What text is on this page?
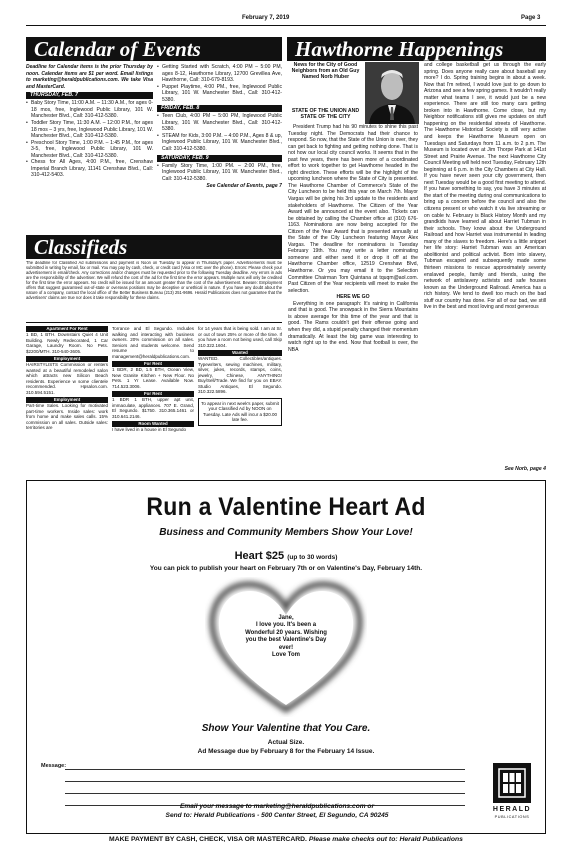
February 7, 2019	Page 3
Calendar of Events
Deadline for Calendar items is the prior Thursday by noon. Calendar items are $1 per word. Email listings to marketing@heraldpublications.com. We take Visa and MasterCard.
THURSDAY, FEB. 7
• Baby Story Time, 11:00 A.M. – 11:30 A.M., for ages 0-18 mos, free, Inglewood Public Library, 101 W. Manchester Blvd., Call: 310-412-5380.
• Toddler Story Time, 11:30 A.M. – 12:00 P.M., for ages 18 mos – 3 yrs, free, Inglewood Public Library, 101 W. Manchester Blvd., Call: 310-412-5380.
• Preschool Story Time, 1:00 P.M. – 1:45 P.M., for ages 3-5, free, Inglewood Public Library, 101 W. Manchester Blvd., Call: 310-412-5380.
• Chess for All Ages, 4:00 P.M., free, Crenshaw Imperial Branch Library, 11141 Crenshaw Blvd., Call: 310-412-5403.
• Getting Started with Scratch, 4:00 PM – 5:00 PM, ages 8-12, Hawthorne Library, 12700 Grevillea Ave, Hawthorne, Call: 310-679-8193.
• Puppet Playtime, 4:00 PM., free, Inglewood Public Library, 101 W. Manchester Blvd., Call: 310-412-5380.
FRIDAY, FEB. 8
• Teen Club, 4:00 PM – 5:00 PM, Inglewood Public Library, 101 W. Manchester Blvd., Call: 310-412-5380.
• STEAM for Kids, 3:00 P.M. – 4:00 P.M., Ages 8 & up, Inglewood Public Library, 101 W. Manchester Blvd., Call: 310-412-5380.
SATURDAY, FEB. 9
• Family Story Time, 1:00 PM. – 2:00 PM., free, Inglewood Public Library, 101 W. Manchester Blvd., Call: 310-412-5380.
See Calendar of Events, page 7
Classifieds
The deadline for Classified Ad submissions and payment is Noon on Tuesday to appear in Thursday's paper. Advertisements must be submitted in writing by email, fax or mail. You may pay by cash, check, or credit card (Visa or MC over the phone). Errors: Please check your advertisement in email/check. Any corrections and/or changes must be requested prior to the following Tuesday deadline. Any errors in ads are the responsibility of the advertiser. We will refund the cost of the ad for the first time the error appears. Multiple runs will only be credited for the first time the error appears. No credit will be issued for an amount greater than the cost of the advertisement. Beware: Employment offers that suggest guaranteed out-of-state or overseas positions may be deceptive or unethical in nature. If you have any doubt about the nature of a company, contact the local office of the Better Business Bureau (213) 251-9696. Herald Publications does not guarantee that the advertisers' claims are true nor does it take responsibility for these claims.
Apartment For Rent
1 BD, 1 BTH. Downstairs Quiet 4 Unit Building. Newly Redecorated, 1 Car Garage, Laundry Room. No Pets. $2200/MTH. 310-540-3605.
Employment
HAIRSTYLISTS Commission or renters wanted at a beautiful remodeled salon which attracts new Silicon Beach residents. Experience w some clientele recommended. Hpsalon.com. 310.594.5151.
Employment
Part-time Sales. Looking for motivated part-time workers. Inside sales: work from home and make sales calls. 15% commission on all sales. Outside sales: territories are
Torrance and El Segundo. Includes walking and interacting with business owners. 20% commission on all sales. Seniors and students welcome. Send resume to management@heraldpublications.com.
For Rent
1 BDR, 2 BD, 1.5 BTH, Ocean View, New Granite Kitchen + New Floor. No Pets. 1 Yr Lease. Available Now. 714.523.3006.
For Rent
1 BDR 1 BTH, upper apt unit, immaculate, appliances. 707 E. Grand, El Segundo. $1750. 310.365.1461 or 310.641.2146.
Room Wanted
I have lived in a house in El Segundo
for 14 years that is being sold. I am at Sr. or out of town 25% or more of the time. If you have a room not being used, call Skip 310.322.1604.
Wanted
WANTED. Collectibles/antiques. Typewriters, sewing machines, military, silver, jukes, records, stamps, coins, jewelry, Chinese, ANYTHING! Buy/Sell/Trade. We find for you on EBAY. Studio Antiques, El Segundo. 310.322.5896.
To appear in next week's paper, submit your Classified Ad by NOON on Tuesday. Late Ads will incur a $20.00 late fee.
Hawthorne Happenings
News for the City of Good Neighbors from an Old Guy Named Norb Huber
STATE OF THE UNION AND STATE OF THE CITY
President Trump had his 90 minutes to shine this past Tuesday night. The Democrats had their chance to respond. So now, that the State of the Union is over, they can get back to fighting and getting nothing done. That is not how our local city council works. It seems that in the past few years, there has been more of a coordinated effort to work together to get Hawthorne headed in the right direction. These efforts will be the highlight of the upcoming luncheon where the State of City is presented. The Hawthorne Chamber of Commerce's State of the City Luncheon to be held this year on March 7th. Mayor Vargas will be giving his 3rd update to the residents and stakeholders of Hawthorne. The Citizen of the Year Award will be announced at the event also. Tickets can be obtained by calling the Chamber office at (310) 676-1163. Nominations are now being accepted for the Citizen of the Year Award that is presented annually at the State of the City Luncheon featuring Mayor Alex Vargas. The deadline for nominations is Tuesday February 19th. You may write a letter nominating someone and either send it or drop it off at the Hawthorne Chamber office, 12519 Crenshaw Blvd, Hawthorne. Or you may email it to the Selection Committee Chairman Tom Quintana at tquqm@aol.com. Past Citizen of the Year recipients will meet to make the selection.
HERE WE GO
Everything in one paragraph: It's raining in California and that is good. The snowpack in the Sierra Mountains is above average for this time of the year and that is good. The Rams couldn't get their offense going and when they did, a stupid penalty changed their momentum dramatically. At least the big game was interesting to watch right up to the end. Now that football is over, the NBA
and college basketball get us through the early spring. Does anyone really care about baseball any more? I do. Spring training begins in about a week. Now that I'm retired, I would love just to go down to Arizona and see a few spring games. It wouldn't really matter what teams I see, it would just be a new experience. There are still too many cars getting broken into in Hawthorne. Come close, but my Neighbor notifications still gives me updates on stuff happening on the residential streets of Hawthorne. The Hawthorne Historical Society is still very active and keeps the Hawthorne Museum open on Tuesdays and Saturdays from 11 a.m. to 2 p.m. The Museum is located over at Jim Thorpe Park at 141st Street and Prairie Avenue. The next Hawthorne City Council Meeting will held next Tuesday, February 12th beginning at 6 p.m. in the City Chambers at City Hall. If you have never seen your city government, then next Tuesday would be a good first meeting to attend. If you have something to say, you have 3 minutes at the start of the meeting during oral communications to bring up a concern before the council and also the citizens present or who watch it via live streaming or on cable tv. February is Black History Month and my grandkids have learned all about Harriet Tubman in their schools. They know about the Underground Railroad and how Harriet was instrumental in leading many of the slaves to freedom. Here's a little snippet her life story: Harriet Tubman was an American abolitionist and political activist. Born into slavery, Tubman escaped and subsequently made some thirteen missions to rescue approximately seventy enslaved people, family and friends, using the network of antislavery activists and safe houses known as the Underground Railroad. America has a rich history. We tend to dwell too much on the bad stuff our country has done. For all of our bad, we still live in the best and most loving and most generous
See Norb, page 4
Run a Valentine Heart Ad
Business and Community Members Show Your Love!
Heart $25 (up to 30 words)
You can pick to publish your heart on February 7th or on Valentine's Day, February 14th.
Jane,
I love you. It's been a Wonderful 20 years. Wishing you the best Valentine's Day ever!
Love Tom
Show Your Valentine that You Care.
Actual Size.
Ad Message due by February 8 for the February 14 Issue.
Message:
HERALD
PUBLICATIONS
Email your message to marketing@heraldpublications.com or
Send to: Herald Publications - 500 Center Street, El Segundo, CA 90245
MAKE PAYMENT BY CASH, CHECK, VISA OR MASTERCARD. Please make checks out to: Herald Publications
